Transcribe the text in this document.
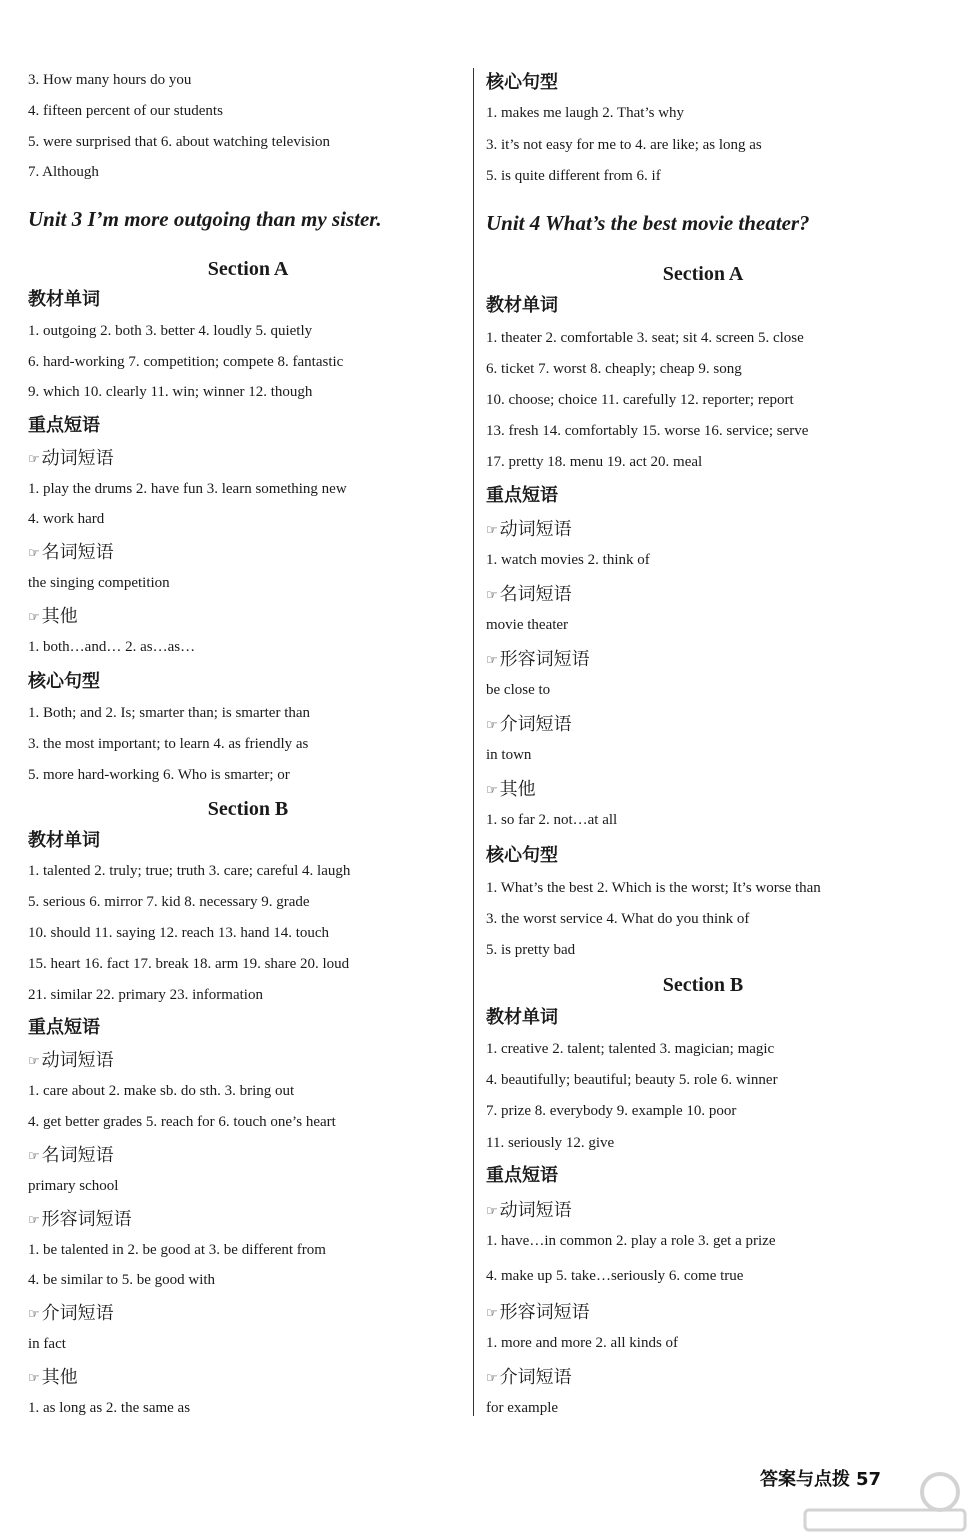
3. How many hours do you
4. fifteen percent of our students
5. were surprised that 6. about watching television
7. Although
Unit 3 I’m more outgoing than my sister.
Section A
教材单词
1. outgoing 2. both 3. better 4. loudly 5. quietly
6. hard-working 7. competition; compete 8. fantastic
9. which 10. clearly 11. win; winner 12. though
重点短语
☞ 动词短语
1. play the drums 2. have fun 3. learn something new
4. work hard
☞ 名词短语
the singing competition
☞ 其他
1. both…and… 2. as…as…
核心句型
1. Both; and 2. Is; smarter than; is smarter than
3. the most important; to learn 4. as friendly as
5. more hard-working 6. Who is smarter; or
Section B
教材单词
1. talented 2. truly; true; truth 3. care; careful 4. laugh
5. serious 6. mirror 7. kid 8. necessary 9. grade
10. should 11. saying 12. reach 13. hand 14. touch
15. heart 16. fact 17. break 18. arm 19. share 20. loud
21. similar 22. primary 23. information
重点短语
☞ 动词短语
1. care about 2. make sb. do sth. 3. bring out
4. get better grades 5. reach for 6. touch one’s heart
☞ 名词短语
primary school
☞ 形容词短语
1. be talented in 2. be good at 3. be different from
4. be similar to 5. be good with
☞ 介词短语
in fact
☞ 其他
1. as long as 2. the same as
核心句型
1. makes me laugh 2. That’s why
3. it’s not easy for me to 4. are like; as long as
5. is quite different from 6. if
Unit 4 What’s the best movie theater?
Section A
教材单词
1. theater 2. comfortable 3. seat; sit 4. screen 5. close
6. ticket 7. worst 8. cheaply; cheap 9. song
10. choose; choice 11. carefully 12. reporter; report
13. fresh 14. comfortably 15. worse 16. service; serve
17. pretty 18. menu 19. act 20. meal
重点短语
☞ 动词短语
1. watch movies 2. think of
☞ 名词短语
movie theater
☞ 形容词短语
be close to
☞ 介词短语
in town
☞ 其他
1. so far 2. not…at all
核心句型
1. What’s the best 2. Which is the worst; It’s worse than
3. the worst service 4. What do you think of
5. is pretty bad
Section B
教材单词
1. creative 2. talent; talented 3. magician; magic
4. beautifully; beautiful; beauty 5. role 6. winner
7. prize 8. everybody 9. example 10. poor
11. seriously 12. give
重点短语
☞ 动词短语
1. have…in common 2. play a role 3. get a prize
4. make up 5. take…seriously 6. come true
☞ 形容词短语
1. more and more 2. all kinds of
☞ 介词短语
for example
答案与点拨 57
